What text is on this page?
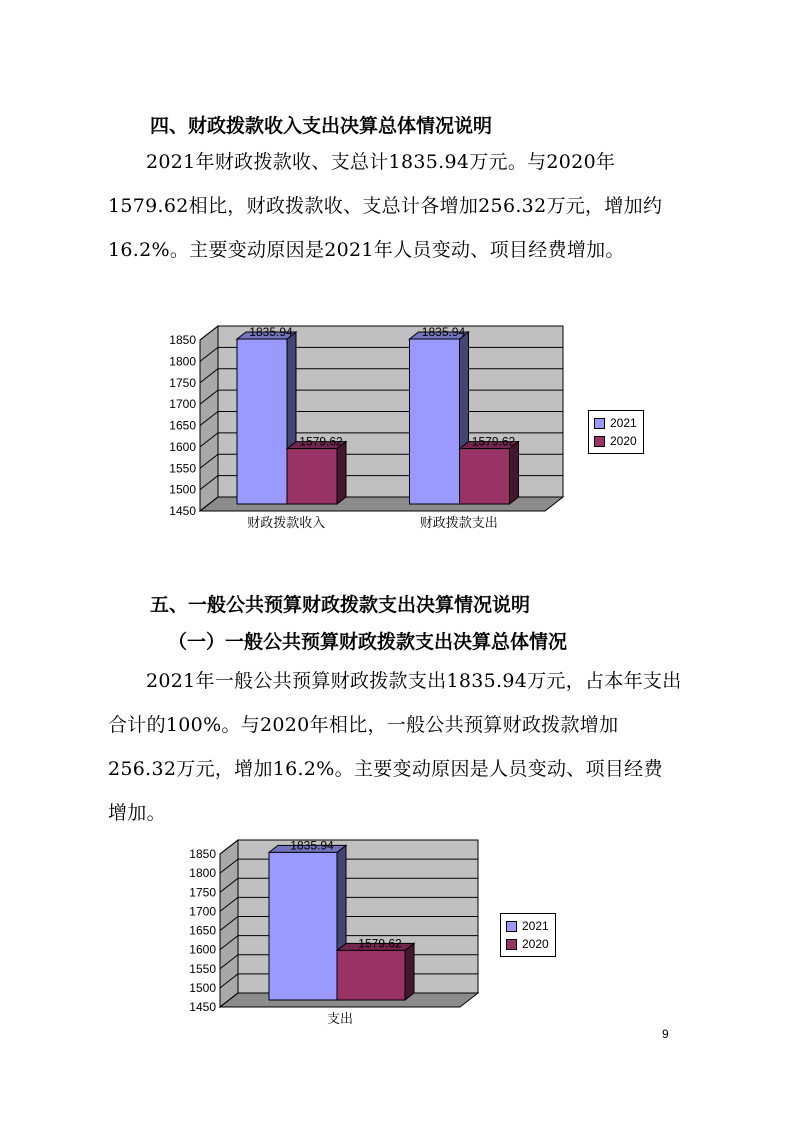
四、财政拨款收入支出决算总体情况说明
2021年财政拨款收、支总计1835.94万元。与2020年1579.62相比，财政拨款收、支总计各增加256.32万元，增加约16.2%。主要变动原因是2021年人员变动、项目经费增加。
1450
1500
1550
1600
1650
1700
1750
1800
1850
1835.94
1579.62
财政拨款收入
1835.94
1579.62
财政拨款支出
2021
2020
五、一般公共预算财政拨款支出决算情况说明
（一）一般公共预算财政拨款支出决算总体情况
2021年一般公共预算财政拨款支出1835.94万元，占本年支出合计的100%。与2020年相比，一般公共预算财政拨款增加256.32万元，增加16.2%。主要变动原因是人员变动、项目经费增加。
1450
1500
1550
1600
1650
1700
1750
1800
1850
1835.94
1579.62
支出
2021
2020
9
